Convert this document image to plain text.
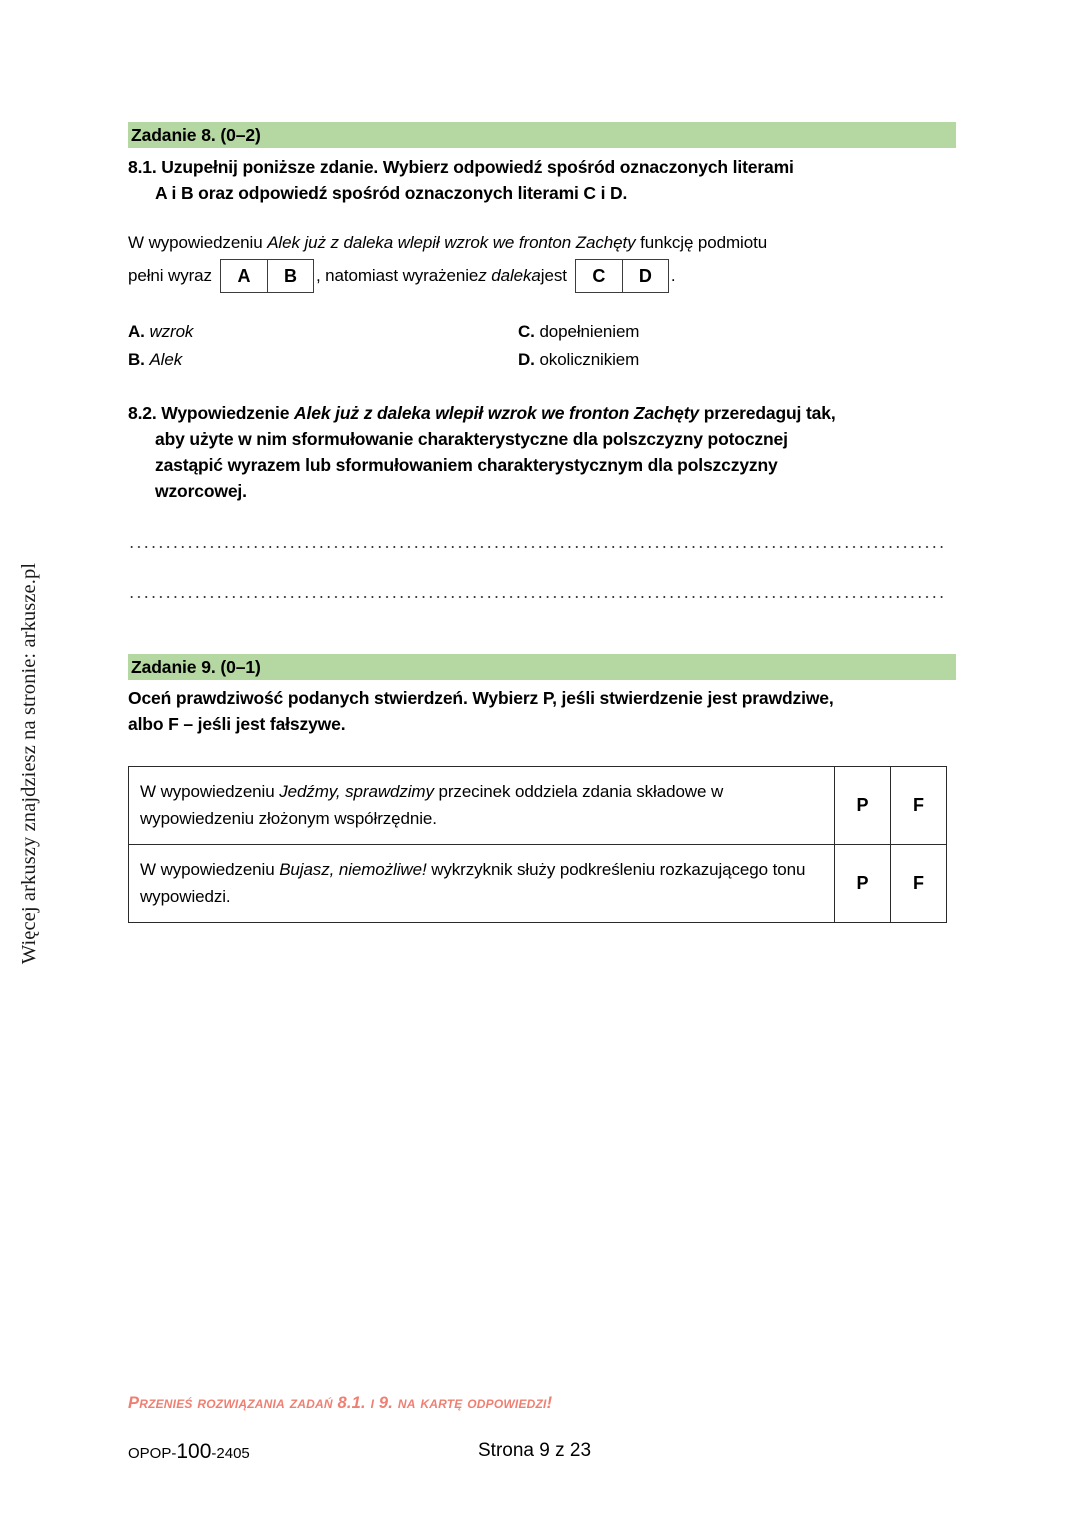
Więcej arkuszy znajdziesz na stronie: arkusze.pl
Zadanie 8. (0–2)
8.1. Uzupełnij poniższe zdanie. Wybierz odpowiedź spośród oznaczonych literami
A i B oraz odpowiedź spośród oznaczonych literami C i D.
W wypowiedzeniu Alek już z daleka wlepił wzrok we fronton Zachęty funkcję podmiotu
pełni wyraz	A	B	, natomiast wyrażenie z daleka jest	C	D	.
A. wzrok
B. Alek
C. dopełnieniem
D. okolicznikiem
8.2. Wypowiedzenie Alek już z daleka wlepił wzrok we fronton Zachęty przeredaguj tak,
aby użyte w nim sformułowanie charakterystyczne dla polszczyzny potocznej
zastąpić wyrazem lub sformułowaniem charakterystycznym dla polszczyzny
wzorcowej.
Zadanie 9. (0–1)
Oceń prawdziwość podanych stwierdzeń. Wybierz P, jeśli stwierdzenie jest prawdziwe,
albo F – jeśli jest fałszywe.
W wypowiedzeniu Jedźmy, sprawdzimy przecinek oddziela zdania składowe w wypowiedzeniu złożonym współrzędnie.	P	F
W wypowiedzeniu Bujasz, niemożliwe! wykrzyknik służy podkreśleniu rozkazującego tonu wypowiedzi.	P	F
Przenieś rozwiązania zadań 8.1. i 9. na kartę odpowiedzi!
OPOP-100-2405	Strona 9 z 23
